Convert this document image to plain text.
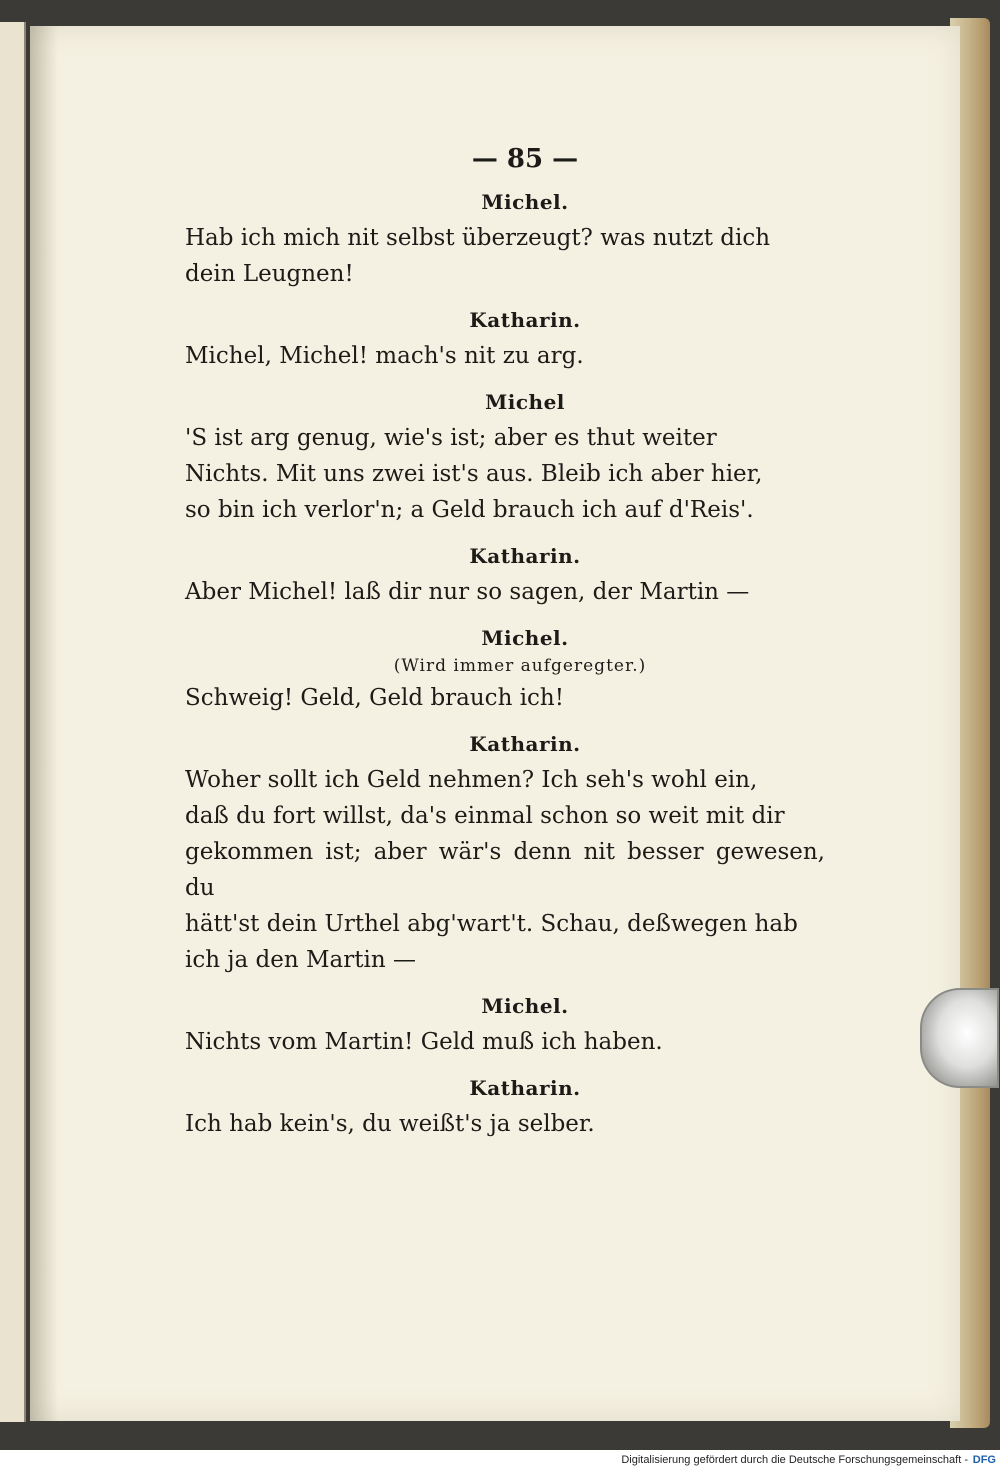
— 85 —
Michel.
Hab ich mich nit selbst überzeugt? was nutzt dich
dein Leugnen!
Katharin.
Michel, Michel! mach's nit zu arg.
Michel
'S ist arg genug, wie's ist; aber es thut weiter
Nichts. Mit uns zwei ist's aus. Bleib ich aber hier,
so bin ich verlor'n; a Geld brauch ich auf d'Reis'.
Katharin.
Aber Michel! laß dir nur so sagen, der Martin —
Michel.
(Wird immer aufgeregter.)
Schweig! Geld, Geld brauch ich!
Katharin.
Woher sollt ich Geld nehmen? Ich seh's wohl ein,
daß du fort willst, da's einmal schon so weit mit dir
gekommen ist; aber wär's denn nit besser gewesen, du
hätt'st dein Urthel abg'wart't. Schau, deßwegen hab
ich ja den Martin —
Michel.
Nichts vom Martin! Geld muß ich haben.
Katharin.
Ich hab kein's, du weißt's ja selber.
Digitalisierung gefördert durch die Deutsche Forschungsgemeinschaft - DFG
